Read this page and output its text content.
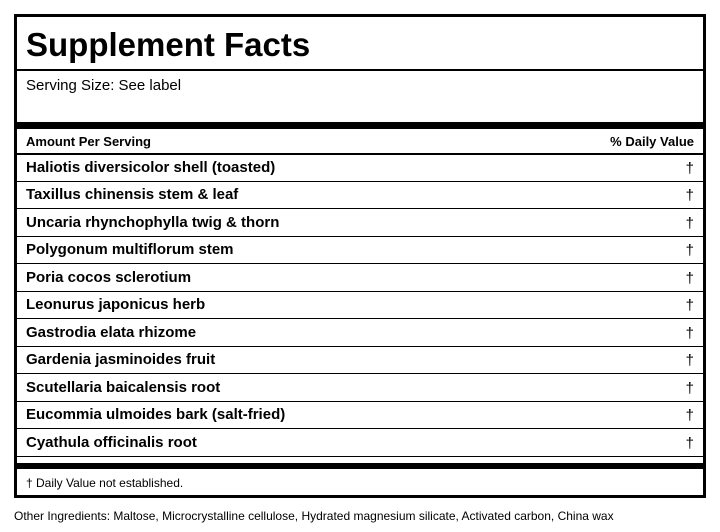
Supplement Facts
Serving Size: See label
Amount Per Serving	% Daily Value
Haliotis diversicolor shell (toasted)	†
Taxillus chinensis stem & leaf	†
Uncaria rhynchophylla twig & thorn	†
Polygonum multiflorum stem	†
Poria cocos sclerotium	†
Leonurus japonicus herb	†
Gastrodia elata rhizome	†
Gardenia jasminoides fruit	†
Scutellaria baicalensis root	†
Eucommia ulmoides bark (salt-fried)	†
Cyathula officinalis root	†
† Daily Value not established.
Other Ingredients: Maltose, Microcrystalline cellulose, Hydrated magnesium silicate, Activated carbon, China wax
